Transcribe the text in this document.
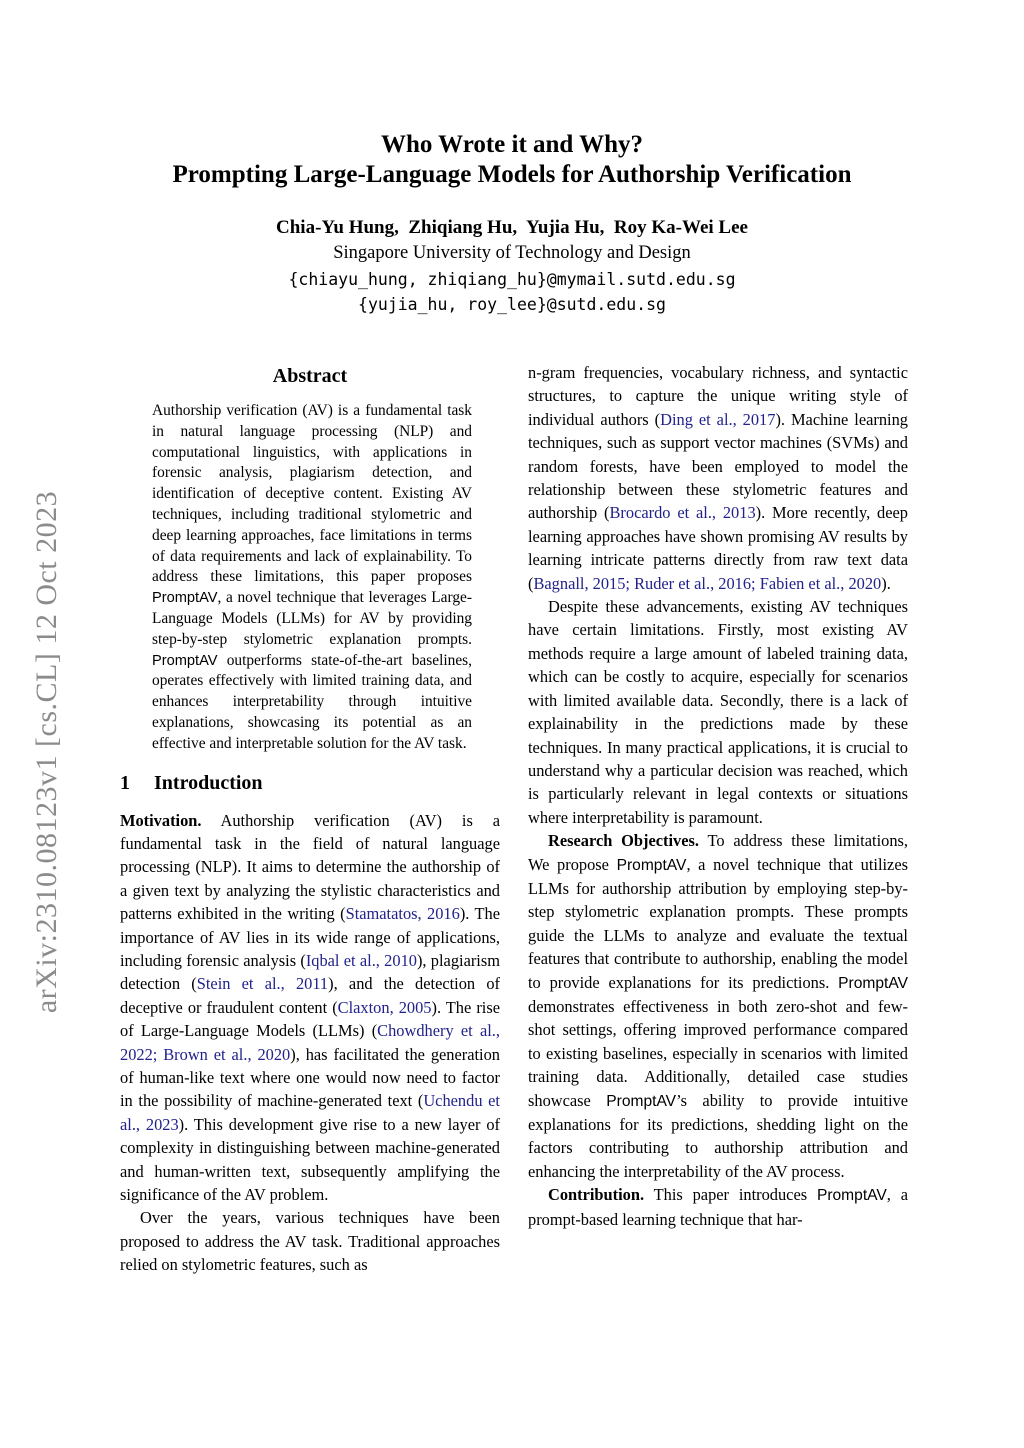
arXiv:2310.08123v1 [cs.CL] 12 Oct 2023
Who Wrote it and Why?
Prompting Large-Language Models for Authorship Verification
Chia-Yu Hung,  Zhiqiang Hu,  Yujia Hu,  Roy Ka-Wei Lee
Singapore University of Technology and Design
{chiayu_hung, zhiqiang_hu}@mymail.sutd.edu.sg
{yujia_hu, roy_lee}@sutd.edu.sg
Abstract

Authorship verification (AV) is a fundamental task in natural language processing (NLP) and computational linguistics, with applications in forensic analysis, plagiarism detection, and identification of deceptive content. Existing AV techniques, including traditional stylometric and deep learning approaches, face limitations in terms of data requirements and lack of explainability. To address these limitations, this paper proposes PromptAV, a novel technique that leverages Large-Language Models (LLMs) for AV by providing step-by-step stylometric explanation prompts. PromptAV outperforms state-of-the-art baselines, operates effectively with limited training data, and enhances interpretability through intuitive explanations, showcasing its potential as an effective and interpretable solution for the AV task.

1 Introduction

Motivation. Authorship verification (AV) is a fundamental task in the field of natural language processing (NLP). It aims to determine the authorship of a given text by analyzing the stylistic characteristics and patterns exhibited in the writing (Stamatatos, 2016). The importance of AV lies in its wide range of applications, including forensic analysis (Iqbal et al., 2010), plagiarism detection (Stein et al., 2011), and the detection of deceptive or fraudulent content (Claxton, 2005). The rise of Large-Language Models (LLMs) (Chowdhery et al., 2022; Brown et al., 2020), has facilitated the generation of human-like text where one would now need to factor in the possibility of machine-generated text (Uchendu et al., 2023). This development give rise to a new layer of complexity in distinguishing between machine-generated and human-written text, subsequently amplifying the significance of the AV problem.

Over the years, various techniques have been proposed to address the AV task. Traditional approaches relied on stylometric features, such as

n-gram frequencies, vocabulary richness, and syntactic structures, to capture the unique writing style of individual authors (Ding et al., 2017). Machine learning techniques, such as support vector machines (SVMs) and random forests, have been employed to model the relationship between these stylometric features and authorship (Brocardo et al., 2013). More recently, deep learning approaches have shown promising AV results by learning intricate patterns directly from raw text data (Bagnall, 2015; Ruder et al., 2016; Fabien et al., 2020).

Despite these advancements, existing AV techniques have certain limitations. Firstly, most existing AV methods require a large amount of labeled training data, which can be costly to acquire, especially for scenarios with limited available data. Secondly, there is a lack of explainability in the predictions made by these techniques. In many practical applications, it is crucial to understand why a particular decision was reached, which is particularly relevant in legal contexts or situations where interpretability is paramount.

Research Objectives. To address these limitations, We propose PromptAV, a novel technique that utilizes LLMs for authorship attribution by employing step-by-step stylometric explanation prompts. These prompts guide the LLMs to analyze and evaluate the textual features that contribute to authorship, enabling the model to provide explanations for its predictions. PromptAV demonstrates effectiveness in both zero-shot and few-shot settings, offering improved performance compared to existing baselines, especially in scenarios with limited training data. Additionally, detailed case studies showcase PromptAV’s ability to provide intuitive explanations for its predictions, shedding light on the factors contributing to authorship attribution and enhancing the interpretability of the AV process.

Contribution. This paper introduces PromptAV, a prompt-based learning technique that har-
